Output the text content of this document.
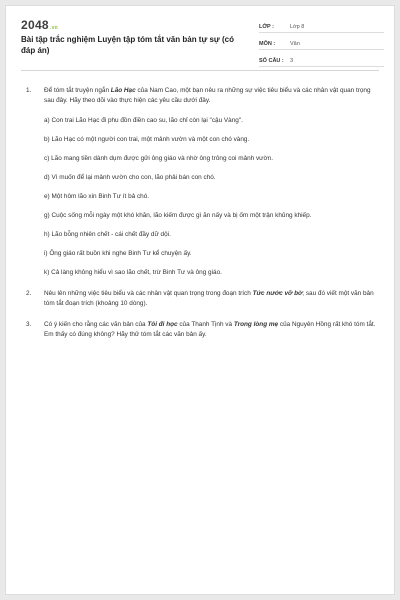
2048.vn
Bài tập trắc nghiệm Luyện tập tóm tắt văn bản tự sự (có đáp án)
LỚP :	Lớp 8
MÔN :	Văn
SỐ CÂU :	3
1.	Để tóm tắt truyện ngắn Lão Hạc của Nam Cao, một bạn nêu ra những sự việc tiêu biểu và các nhân vật quan trọng sau đây. Hãy theo dõi vào thực hiện các yêu cầu dưới đây.
a) Con trai Lão Hạc đi phu đồn điền cao su, lão chỉ còn lại "cậu Vàng".
b) Lão Hạc có một người con trai, một mảnh vườn và một con chó vàng.
c) Lão mang tiền dành dụm được gửi ông giáo và nhờ ông trông coi mảnh vườn.
d) Vì muốn để lại mảnh vườn cho con, lão phải bán con chó.
e) Một hôm lão xin Binh Tư ít bả chó.
g) Cuộc sống mỗi ngày một khó khăn, lão kiếm được gì ăn nấy và bị ốm một trận khủng khiếp.
h) Lão bỗng nhiên chết - cái chết đầy dữ dội.
i) Ông giáo rất buồn khi nghe Binh Tư kể chuyện ấy.
k) Cả làng không hiểu vì sao lão chết, trừ Binh Tư và ông giáo.
2.	Nêu lên những việc tiêu biểu và các nhân vật quan trọng trong đoạn trích Tức nước vỡ bờ; sau đó viết một văn bản tóm tắt đoạn trích (khoảng 10 dòng).
3.	Có ý kiến cho rằng các văn bản của Tôi đi học của Thanh Tịnh và Trong lòng mẹ của Nguyên Hồng rất khó tóm tắt. Em thấy có đúng không? Hãy thử tóm tắt các văn bản ấy.
